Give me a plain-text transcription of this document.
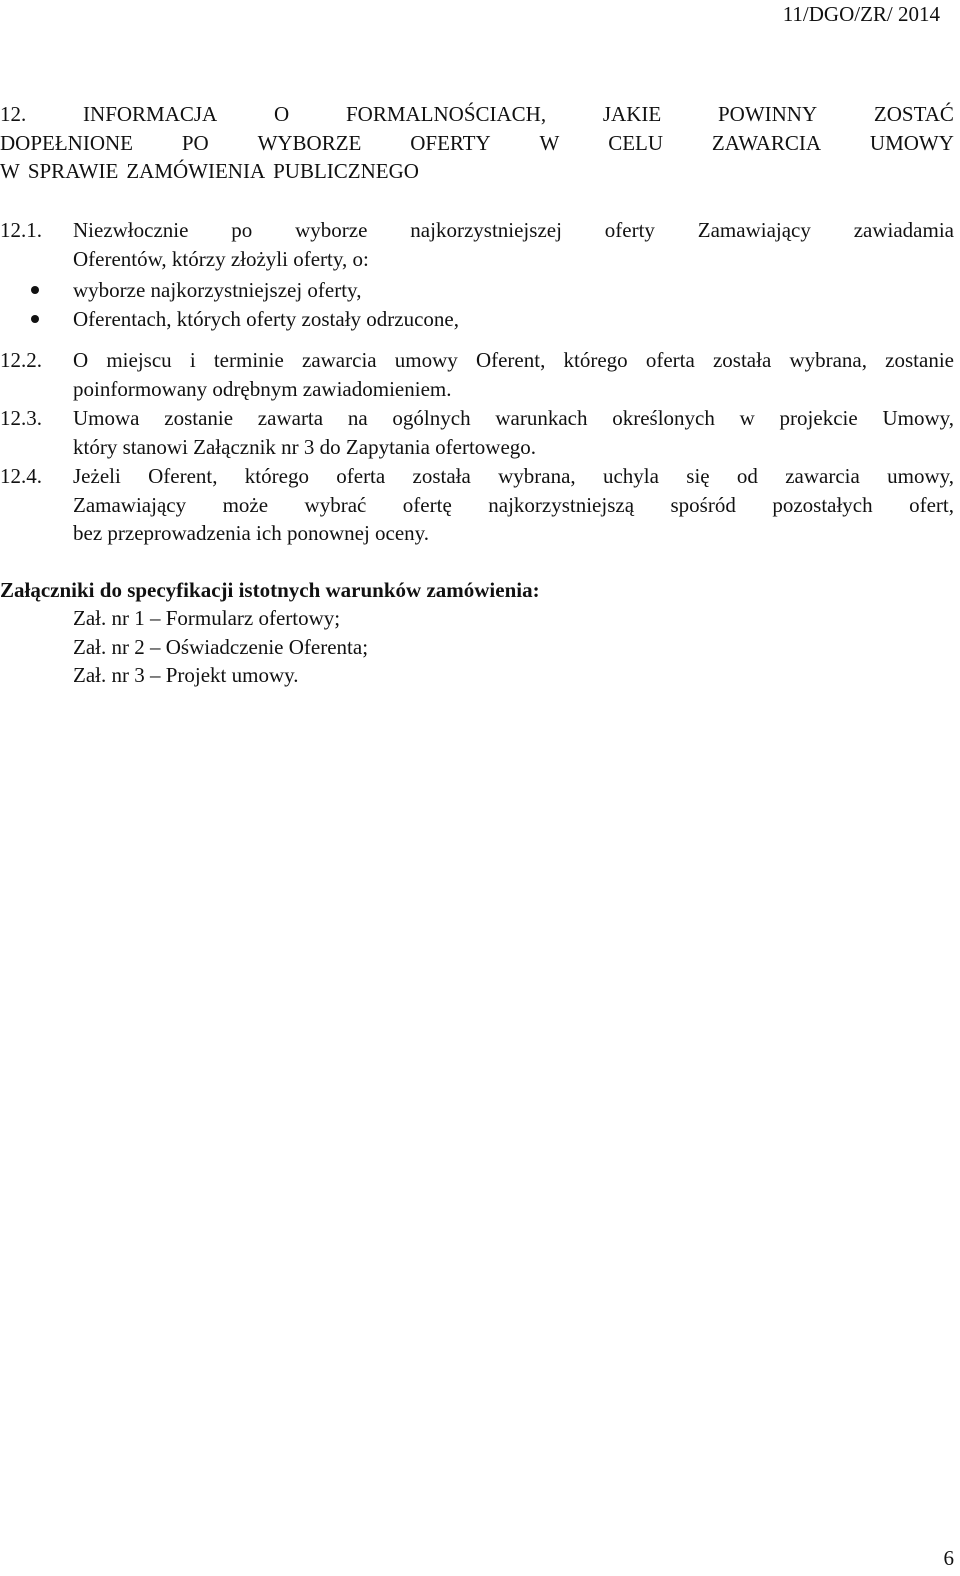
11/DGO/ZR/ 2014
12.	INFORMACJA	O	FORMALNOŚCIACH,	JAKIE	POWINNY	ZOSTAĆ
DOPEŁNIONE PO WYBORZE OFERTY W CELU ZAWARCIA UMOWY
W SPRAWIE ZAMÓWIENIA PUBLICZNEGO
12.1. Niezwłocznie po wyborze najkorzystniejszej oferty Zamawiający zawiadamia
Oferentów, którzy złożyli oferty, o:
wyborze najkorzystniejszej oferty,
Oferentach, których oferty zostały odrzucone,
12.2. O miejscu i terminie zawarcia umowy Oferent, którego oferta została wybrana, zostanie
poinformowany odrębnym zawiadomieniem.
12.3. Umowa zostanie zawarta na ogólnych warunkach określonych w projekcie Umowy,
który stanowi Załącznik nr 3 do Zapytania ofertowego.
12.4. Jeżeli Oferent, którego oferta została wybrana, uchyla się od zawarcia umowy,
Zamawiający może wybrać ofertę najkorzystniejszą spośród pozostałych ofert,
bez przeprowadzenia ich ponownej oceny.
Załączniki do specyfikacji istotnych warunków zamówienia:
Zał. nr 1 – Formularz ofertowy;
Zał. nr 2 – Oświadczenie Oferenta;
Zał. nr 3 – Projekt umowy.
6
